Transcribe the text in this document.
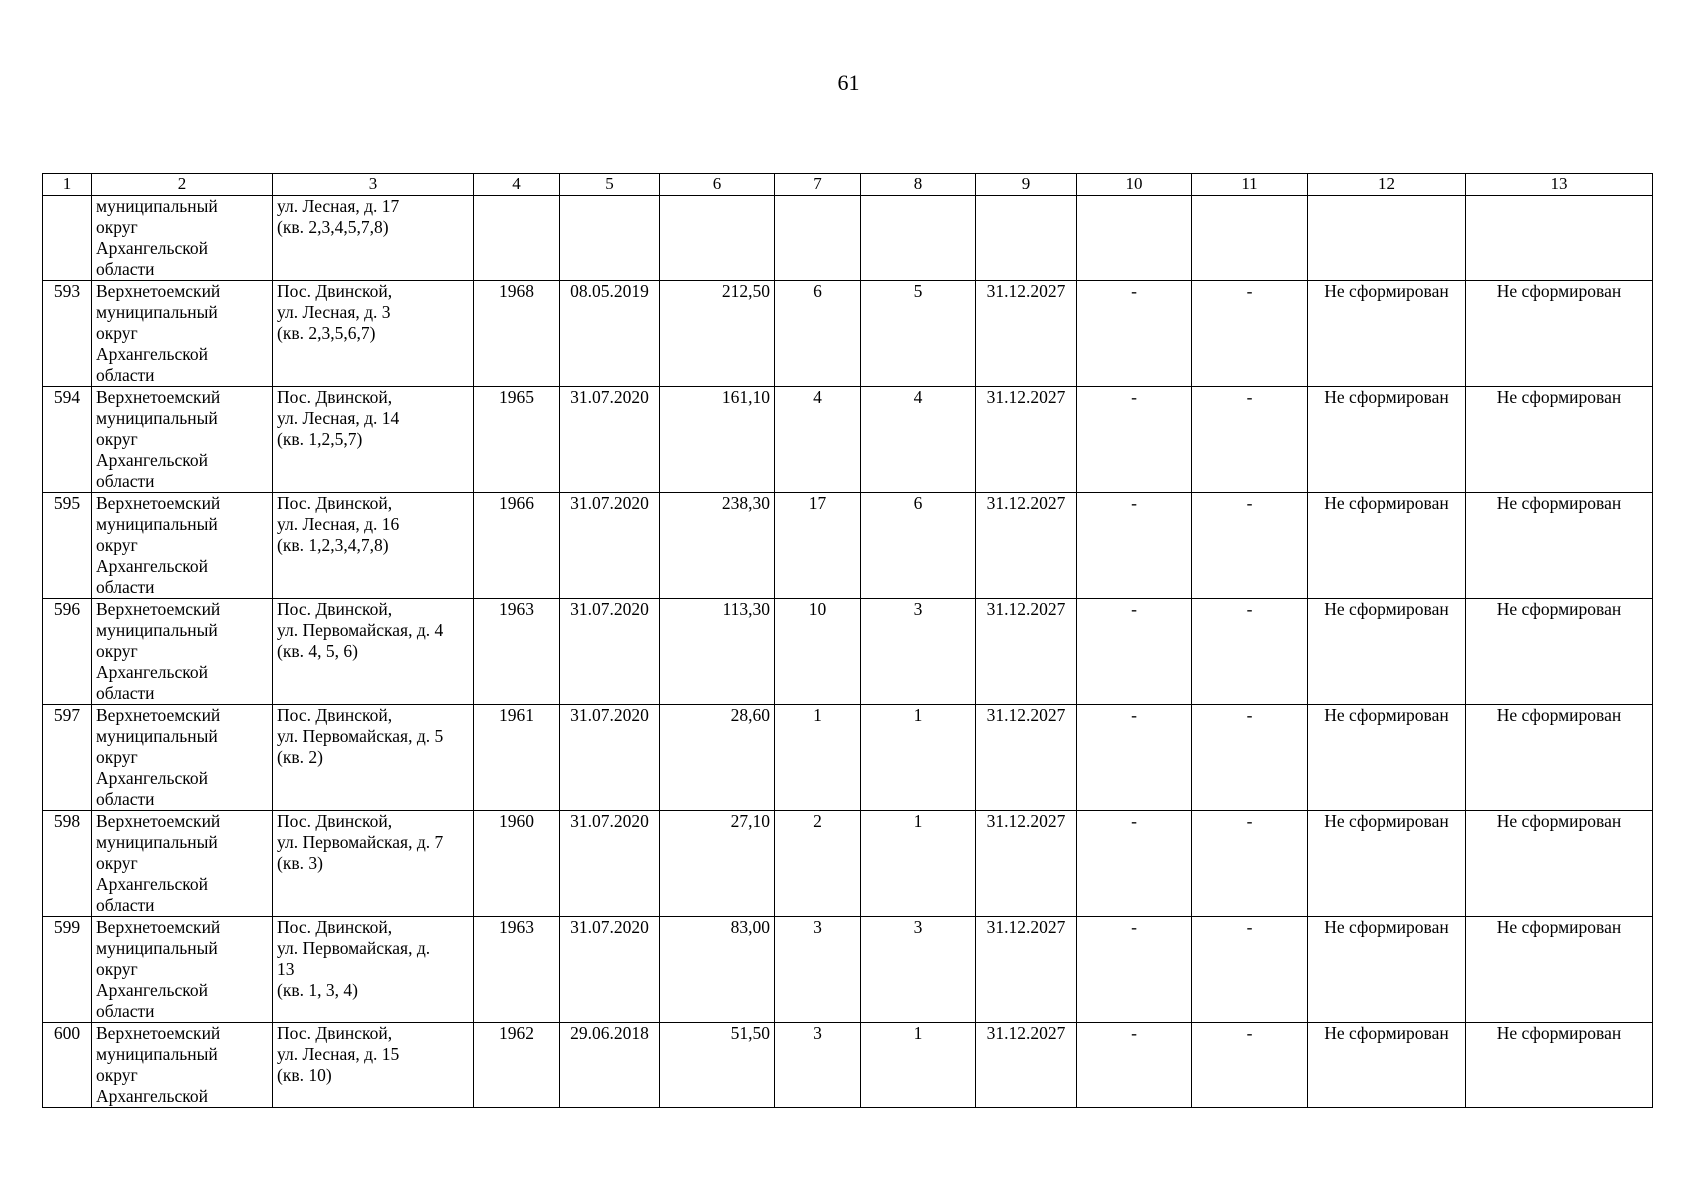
61
1	2	3	4	5	6	7	8	9	10	11	12	13

	муниципальный
округ
Архангельской
области	ул. Лесная, д. 17
(кв. 2,3,4,5,7,8)										

593	Верхнетоемский
муниципальный
округ
Архангельской
области	Пос. Двинской,
ул. Лесная, д. 3
(кв. 2,3,5,6,7)	1968	08.05.2019	212,50	6	5	31.12.2027	-	-	Не сформирован	Не сформирован
594	Верхнетоемский
муниципальный
округ
Архангельской
области	Пос. Двинской,
ул. Лесная, д. 14
(кв. 1,2,5,7)	1965	31.07.2020	161,10	4	4	31.12.2027	-	-	Не сформирован	Не сформирован
595	Верхнетоемский
муниципальный
округ
Архангельской
области	Пос. Двинской,
ул. Лесная, д. 16
(кв. 1,2,3,4,7,8)	1966	31.07.2020	238,30	17	6	31.12.2027	-	-	Не сформирован	Не сформирован
596	Верхнетоемский
муниципальный
округ
Архангельской
области	Пос. Двинской,
ул. Первомайская, д. 4
(кв. 4, 5, 6)	1963	31.07.2020	113,30	10	3	31.12.2027	-	-	Не сформирован	Не сформирован
597	Верхнетоемский
муниципальный
округ
Архангельской
области	Пос. Двинской,
ул. Первомайская, д. 5
(кв. 2)	1961	31.07.2020	28,60	1	1	31.12.2027	-	-	Не сформирован	Не сформирован
598	Верхнетоемский
муниципальный
округ
Архангельской
области	Пос. Двинской,
ул. Первомайская, д. 7
(кв. 3)	1960	31.07.2020	27,10	2	1	31.12.2027	-	-	Не сформирован	Не сформирован
599	Верхнетоемский
муниципальный
округ
Архангельской
области	Пос. Двинской,
ул. Первомайская, д.
13
(кв. 1, 3, 4)	1963	31.07.2020	83,00	3	3	31.12.2027	-	-	Не сформирован	Не сформирован
600	Верхнетоемский
муниципальный
округ
Архангельской	Пос. Двинской,
ул. Лесная, д. 15
(кв. 10)	1962	29.06.2018	51,50	3	1	31.12.2027	-	-	Не сформирован	Не сформирован
